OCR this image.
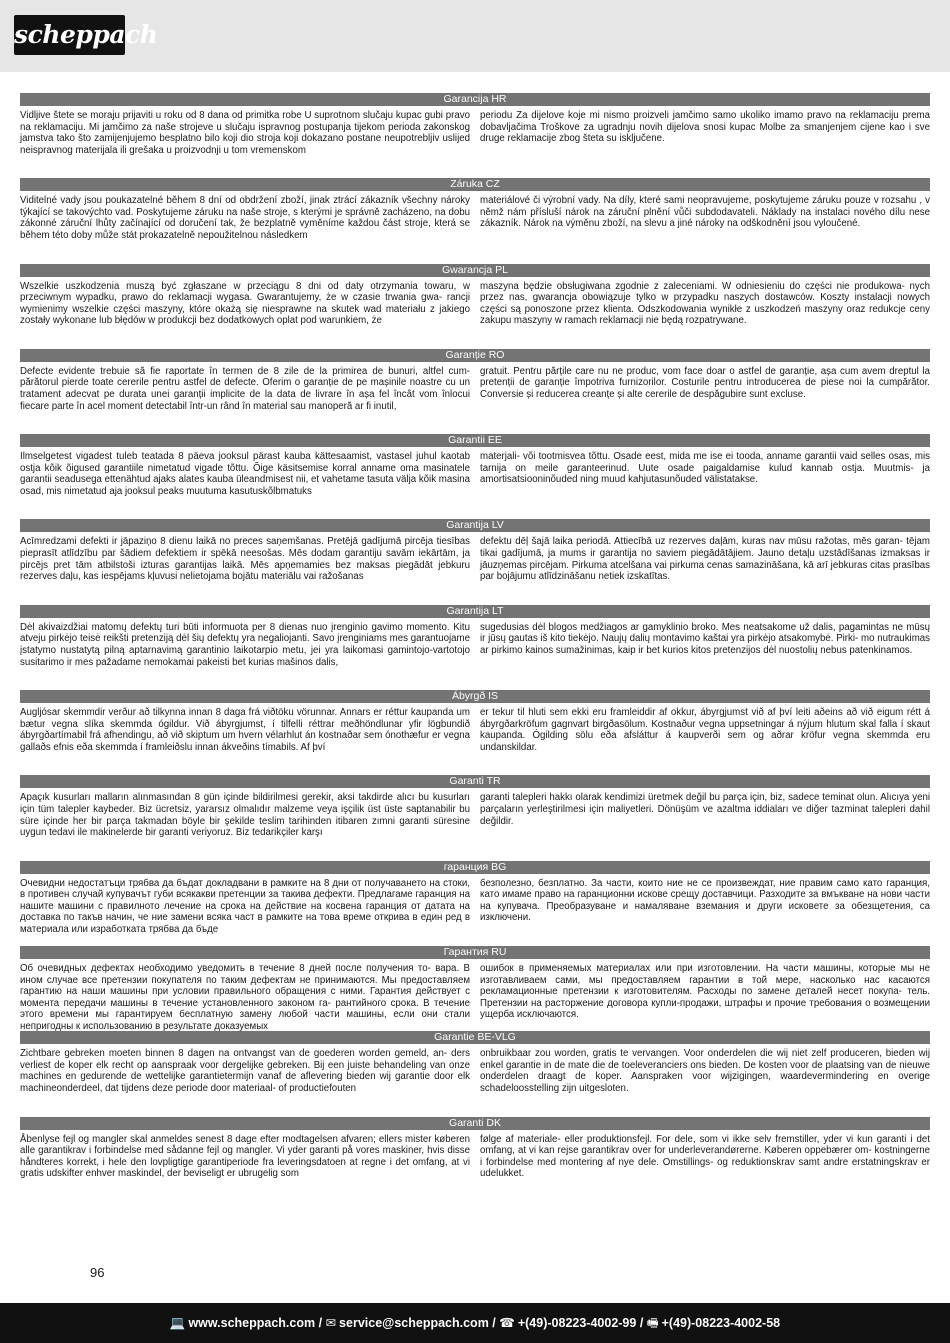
scheppach
Garancija HR
Vidljive štete se moraju prijaviti u roku od 8 dana od primitka robe U suprotnom slučaju kupac gubi pravo na reklamaciju. Mi jamčimo za naše strojeve u slučaju ispravnog postupanja tijekom perioda zakonskog jamstva tako što zamijenjujemo besplatno bilo koji dio stroja koji dokazano postane neupotrebljiv uslijed neispravnog materijala ili grešaka u proizvodnji u tom vremenskom
periodu Za dijelove koje mi nismo proizveli jamčimo samo ukoliko imamo pravo na reklamaciju prema dobavljačima Troškove za ugradnju novih dijelova snosi kupac Molbe za smanjenjem cijene kao i sve druge reklamacije zbog šteta su isključene.
Záruka CZ
Viditelné vady jsou poukazatelné během 8 dní od obdržení zboží, jinak ztrácí zákazník všechny nároky týkající se takovýchto vad. Poskytujeme záruku na naše stroje, s kterými je správně zacházeno, na dobu zákonné záruční lhůty začínající od doručení tak, že bezplatně vyměníme každou část stroje, která se během této doby může stát prokazatelně nepoužitelnou následkem
materiálové či výrobní vady. Na díly, které sami neopravujeme, poskytujeme záruku pouze v rozsahu , v němž nám přísluší nárok na záruční plnění vůči subdodavateli. Náklady na instalaci nového dílu nese zákazník. Nárok na výměnu zboží, na slevu a jiné nároky na odškodnění jsou vyloučené.
Gwarancja PL
Wszelkie uszkodzenia muszą być zgłaszane w przeciągu 8 dni od daty otrzymania towaru, w przeciwnym wypadku, prawo do reklamacji wygasa. Gwarantujemy, że w czasie trwania gwa- rancji wymienimy wszelkie części maszyny, które okażą się niesprawne na skutek wad materiału z jakiego zostały wykonane lub błędów w produkcji bez dodatkowych oplat pod warunkiem, że
maszyna będzie obsługiwana zgodnie z zaleceniami. W odniesieniu do części nie produkowa- nych przez nas, gwarancja obowiązuje tylko w przypadku naszych dostawców. Koszty instalacji nowych części są ponoszone przez klienta. Odszkodowania wynikłe z uszkodzeń maszyny oraz redukcje ceny zakupu maszyny w ramach reklamacji nie będą rozpatrywane.
Garanție RO
Defecte evidente trebuie să fie raportate în termen de 8 zile de la primirea de bunuri, altfel cum- părătorul pierde toate cererile pentru astfel de defecte. Oferim o garanție de pe mașinile noastre cu un tratament adecvat pe durata unei garanții implicite de la data de livrare în așa fel încât vom înlocui fiecare parte în acel moment detectabil într-un rând în material sau manoperă ar fi inutil,
gratuit. Pentru părțile care nu ne produc, vom face doar o astfel de garanție, așa cum avem dreptul la pretenții de garanție împotriva furnizorilor. Costurile pentru introducerea de piese noi la cumpărător. Conversie și reducerea creanțe și alte cererile de despăgubire sunt excluse.
Garantii EE
Ilmselgetest vigadest tuleb teatada 8 päeva jooksul pärast kauba kättesaamist, vastasel juhul kaotab ostja kõik õigused garantiile nimetatud vigade tõttu. Õige käsitsemise korral anname oma masinatele garantii seadusega ettenähtud ajaks alates kauba üleandmisest nii, et vahetame tasuta välja kõik masina osad, mis nimetatud aja jooksul peaks muutuma kasutuskõlbmatuks
materjali- või tootmisvea tõttu. Osade eest, mida me ise ei tooda, anname garantii vaid selles osas, mis tarnija on meile garanteerinud. Uute osade paigaldamise kulud kannab ostja. Muutmis- ja amortisatsiooninõuded ning muud kahjutasunõuded välistatakse.
Garantija LV
Acīmredzami defekti ir jāpaziņo 8 dienu laikā no preces saņemšanas. Pretējā gadījumā pircēja tiesības pieprasīt atlīdzību par šādiem defektiem ir spēkā neesošas. Mēs dodam garantiju savām iekārtām, ja pircējs pret tām atbilstoši izturas garantijas laikā. Mēs apņemamies bez maksas piegādāt jebkuru rezerves daļu, kas iespējams kļuvusi nelietojama bojātu materiālu vai ražošanas
defektu dēļ šajā laika periodā. Attiecībā uz rezerves daļām, kuras nav mūsu ražotas, mēs garan- tējam tikai gadījumā, ja mums ir garantija no saviem piegādātājiem. Jauno detaļu uzstādīšanas izmaksas ir jāuzņemas pircējam. Pirkuma atcelšana vai pirkuma cenas samazināšana, kā arī jebkuras citas prasības par bojājumu atlīdzināšanu netiek izskatītas.
Garantija LT
Dėl akivaizdžiai matomų defektų turi būti informuota per 8 dienas nuo įrenginio gavimo momento. Kitu atveju pirkėjo teisė reikšti pretenziją dėl šių defektų yra negaliojanti. Savo įrenginiams mes garantuojame įstatymo nustatytą pilną aptarnavimą garantinio laikotarpio metu, jei yra laikomasi gamintojo-vartotojo susitarimo ir mes pažadame nemokamai pakeisti bet kurias mašinos dalis,
sugedusias dėl blogos medžiagos ar gamyklinio broko. Mes neatsakome už dalis, pagamintas ne mūsų ir jūsų gautas iš kito tiekėjo. Naujų dalių montavimo kaštai yra pirkėjo atsakomybė. Pirki- mo nutraukimas ar pirkimo kainos sumažinimas, kaip ir bet kurios kitos pretenzijos dėl nuostolių nebus patenkinamos.
Ábyrgð IS
Augljósar skemmdir verður að tilkynna innan 8 daga frá viðtöku vörunnar. Annars er réttur kaupanda um bætur vegna slíka skemmda ógildur. Við ábyrgjumst, í tilfelli réttrar meðhöndlunar yfir lögbundið ábyrgðartímabil frá afhendingu, að við skiptum um hvern vélarhlut án kostnaðar sem ónothæfur er vegna gallaðs efnis eða skemmda í framleiðslu innan ákveðins tímabils. Af því
er tekur til hluti sem ekki eru framleiddir af okkur, ábyrgjumst við af því leiti aðeins að við eigum rétt á ábyrgðarkröfum gagnvart birgðasölum. Kostnaður vegna uppsetningar á nýjum hlutum skal falla í skaut kaupanda. Ógilding sölu eða afsláttur á kaupverði sem og aðrar kröfur vegna skemmda eru undanskildar.
Garanti TR
Apaçık kusurları malların alınmasından 8 gün içinde bildirilmesi gerekir, aksi takdirde alıcı bu kusurları için tüm talepler kaybeder. Biz ücretsiz, yararsız olmalıdır malzeme veya işçilik üst üste saptanabilir bu süre içinde her bir parça takmadan böyle bir şekilde teslim tarihinden itibaren zımni garanti süresine uygun tedavi ile makinelerde bir garanti veriyoruz. Biz tedarikçiler karşı
garanti talepleri hakkı olarak kendimizi üretmek değil bu parça için, biz, sadece teminat olun. Alıcıya yeni parçaların yerleştirilmesi için maliyetleri. Dönüşüm ve azaltma iddiaları ve diğer tazminat talepleri dahil değildir.
гаранция BG
Очевидни недостатъци трябва да бъдат докладвани в рамките на 8 дни от получаването на стоки, в противен случай купувачът губи всякакви претенции за такива дефекти. Предлагаме гаранция на нашите машини с правилното лечение на срока на действие на косвена гаранция от датата на доставка по такъв начин, че ние замени всяка част в рамките на това време открива в един ред в материала или изработката трябва да бъде
безполезно, безплатно. За части, които ние не се произвеждат, ние правим само като гаранция, като имаме право на гаранционни искове срещу доставчици. Разходите за вмъкване на нови части на купувача. Преобразуване и намаляване вземания и други исковете за обезщетения, са изключени.
Гарантия RU
Об очевидных дефектах необходимо уведомить в течение 8 дней после получения то- вара. В ином случае все претензии покупателя по таким дефектам не принимаются. Мы предоставляем гарантию на наши машины при условии правильного обращения с ними. Гарантия действует с момента передачи машины в течение установленного законом га- рантийного срока. В течение этого времени мы гарантируем бесплатную замену любой части машины, если они стали непригодны к использованию в результате доказуемых
ошибок в применяемых материалах или при изготовлении. На части машины, которые мы не изготавливаем сами, мы предоставляем гарантии в той мере, насколько нас касаются рекламационные претензии к изготовителям. Расходы по замене деталей несет покупа- тель. Претензии на расторжение договора купли-продажи, штрафы и прочие требования о возмещении ущерба исключаются.
Garantie BE-VLG
Zichtbare gebreken moeten binnen 8 dagen na ontvangst van de goederen worden gemeld, an- ders verliest de koper elk recht op aanspraak voor dergelijke gebreken. Bij een juiste behandeling van onze machines en gedurende de wettelijke garantietermijn vanaf de aflevering bieden wij garantie door elk machineonderdeel, dat tijdens deze periode door materiaal- of productiefouten
onbruikbaar zou worden, gratis te vervangen. Voor onderdelen die wij niet zelf produceren, bieden wij enkel garantie in de mate die de toeleveranciers ons bieden. De kosten voor de plaatsing van de nieuwe onderdelen draagt de koper. Aanspraken voor wijzigingen, waardevermindering en overige schadeloosstelling zijn uitgesloten.
Garanti DK
Åbenlyse fejl og mangler skal anmeldes senest 8 dage efter modtagelsen afvaren; ellers mister køberen alle garantikrav i forbindelse med sådanne fejl og mangler. Vi yder garanti på vores maskiner, hvis disse håndteres korrekt, i hele den lovpligtige garantiperiode fra leveringsdatoen at regne i det omfang, at vi gratis udskifter enhver maskindel, der beviseligt er ubrugelig som
følge af materiale- eller produktionsfejl. For dele, som vi ikke selv fremstiller, yder vi kun garanti i det omfang, at vi kan rejse garantikrav over for underleverandørerne. Køberen oppebærer om- kostningerne i forbindelse med montering af nye dele. Omstillings- og reduktionskrav samt andre erstatningskrav er udelukket.
96
💻 www.scheppach.com / ✉ service@scheppach.com / ☎ +(49)-08223-4002-99 / 🖷 +(49)-08223-4002-58
